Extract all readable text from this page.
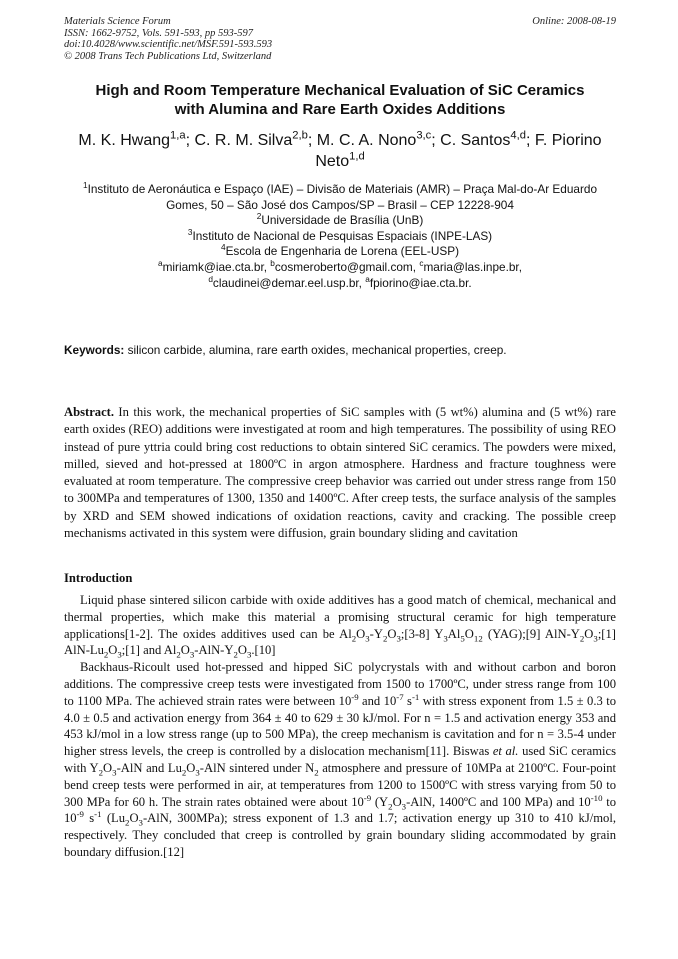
Materials Science Forum
ISSN: 1662-9752, Vols. 591-593, pp 593-597
doi:10.4028/www.scientific.net/MSF.591-593.593
© 2008 Trans Tech Publications Ltd, Switzerland
Online: 2008-08-19
High and Room Temperature Mechanical Evaluation of SiC Ceramics
with Alumina and Rare Earth Oxides Additions
M. K. Hwang$^{1,a}$; C. R. M. Silva$^{2,b}$; M. C. A. Nono$^{3,c}$; C. Santos$^{4,d}$; F. Piorino Neto$^{1,d}$
$^1$Instituto de Aeronáutica e Espaço (IAE) – Divisão de Materiais (AMR) – Praça Mal-do-Ar Eduardo Gomes, 50 – São José dos Campos/SP – Brasil – CEP 12228-904
$^2$Universidade de Brasília (UnB)
$^3$Instituto de Nacional de Pesquisas Espaciais (INPE-LAS)
$^4$Escola de Engenharia de Lorena (EEL-USP)
$^a$miriamk@iae.cta.br, $^b$cosmeroberto@gmail.com, $^c$maria@las.inpe.br,
$^d$claudinei@demar.eel.usp.br, $^a$fpiorino@iae.cta.br.
Keywords: silicon carbide, alumina, rare earth oxides, mechanical properties, creep.
Abstract. In this work, the mechanical properties of SiC samples with (5 wt%) alumina and (5 wt%) rare earth oxides (REO) additions were investigated at room and high temperatures. The possibility of using REO instead of pure yttria could bring cost reductions to obtain sintered SiC ceramics. The powders were mixed, milled, sieved and hot-pressed at 1800ºC in argon atmosphere. Hardness and fracture toughness were evaluated at room temperature. The compressive creep behavior was carried out under stress range from 150 to 300MPa and temperatures of 1300, 1350 and 1400ºC. After creep tests, the surface analysis of the samples by XRD and SEM showed indications of oxidation reactions, cavity and cracking. The possible creep mechanisms activated in this system were diffusion, grain boundary sliding and cavitation
Introduction

Liquid phase sintered silicon carbide with oxide additives has a good match of chemical, mechanical and thermal properties, which make this material a promising structural ceramic for high temperature applications[1-2]. The oxides additives used can be $Al_2O_3-Y_2O_3;[3-8]$ $Y_3Al_5O_{12}$ (YAG);[9] AlN-$Y_2O_3;[1]$ AlN-$Lu_2O_3;[1]$ and $Al_2O_3-AlN-Y_2O_3.[10]$

Backhaus-Ricoult used hot-pressed and hipped SiC polycrystals with and without carbon and boron additions. The compressive creep tests were investigated from 1500 to 1700ºC, under stress range from 100 to 1100 MPa. The achieved strain rates were between $10^{-9}$ and $10^{-7}$ $s^{-1}$ with stress exponent from 1.5 ± 0.3 to 4.0 ± 0.5 and activation energy from 364 ± 40 to 629 ± 30 kJ/mol. For n = 1.5 and activation energy 353 and 453 kJ/mol in a low stress range (up to 500 MPa), the creep mechanism is cavitation and for n = 3.5-4 under higher stress levels, the creep is controlled by a dislocation mechanism[11]. Biswas et al. used SiC ceramics with $Y_2O_3$-AlN and $Lu_2O_3$-AlN sintered under $N_2$ atmosphere and pressure of 10MPa at 2100ºC. Four-point bend creep tests were performed in air, at temperatures from 1200 to 1500ºC with stress varying from 50 to 300 MPa for 60 h. The strain rates obtained were about $10^{-9}$ ($Y_2O_3$-AlN, 1400ºC and 100 MPa) and $10^{-10}$ to $10^{-9}$ $s^{-1}$ ($Lu_2O_3$-AlN, 300MPa); stress exponent of 1.3 and 1.7; activation energy up 310 to 410 kJ/mol, respectively. They concluded that creep is controlled by grain boundary sliding accommodated by grain boundary diffusion.[12]
